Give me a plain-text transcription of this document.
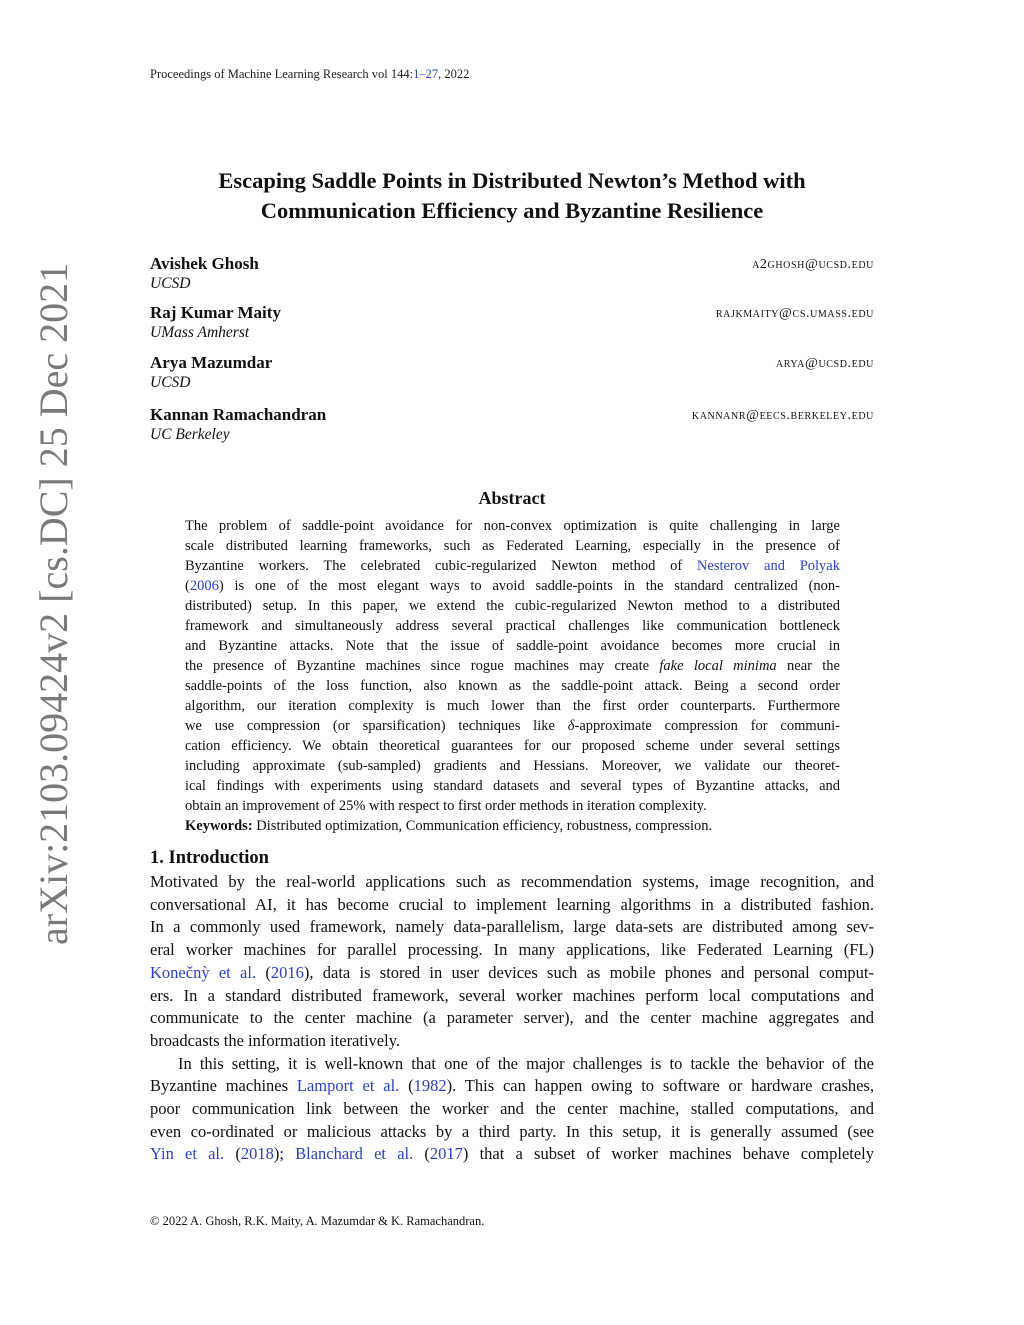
arXiv:2103.09424v2 [cs.DC] 25 Dec 2021
Proceedings of Machine Learning Research vol 144:1–27, 2022
Escaping Saddle Points in Distributed Newton’s Method with
Communication Efficiency and Byzantine Resilience
Avishek Ghosh
UCSD
a2ghosh@ucsd.edu
Raj Kumar Maity
UMass Amherst
rajkmaity@cs.umass.edu
Arya Mazumdar
UCSD
arya@ucsd.edu
Kannan Ramachandran
UC Berkeley
kannanr@eecs.berkeley.edu
Abstract
The problem of saddle-point avoidance for non-convex optimization is quite challenging in large
scale distributed learning frameworks, such as Federated Learning, especially in the presence of
Byzantine workers. The celebrated cubic-regularized Newton method of Nesterov and Polyak
(2006) is one of the most elegant ways to avoid saddle-points in the standard centralized (non-
distributed) setup. In this paper, we extend the cubic-regularized Newton method to a distributed
framework and simultaneously address several practical challenges like communication bottleneck
and Byzantine attacks. Note that the issue of saddle-point avoidance becomes more crucial in
the presence of Byzantine machines since rogue machines may create fake local minima near the
saddle-points of the loss function, also known as the saddle-point attack. Being a second order
algorithm, our iteration complexity is much lower than the first order counterparts. Furthermore
we use compression (or sparsification) techniques like δ-approximate compression for communi-
cation efficiency. We obtain theoretical guarantees for our proposed scheme under several settings
including approximate (sub-sampled) gradients and Hessians. Moreover, we validate our theoret-
ical findings with experiments using standard datasets and several types of Byzantine attacks, and
obtain an improvement of 25% with respect to first order methods in iteration complexity.
Keywords: Distributed optimization, Communication efficiency, robustness, compression.
1. Introduction
Motivated by the real-world applications such as recommendation systems, image recognition, and
conversational AI, it has become crucial to implement learning algorithms in a distributed fashion.
In a commonly used framework, namely data-parallelism, large data-sets are distributed among sev-
eral worker machines for parallel processing. In many applications, like Federated Learning (FL)
Konečnỳ et al. (2016), data is stored in user devices such as mobile phones and personal comput-
ers. In a standard distributed framework, several worker machines perform local computations and
communicate to the center machine (a parameter server), and the center machine aggregates and
broadcasts the information iteratively.
In this setting, it is well-known that one of the major challenges is to tackle the behavior of the
Byzantine machines Lamport et al. (1982). This can happen owing to software or hardware crashes,
poor communication link between the worker and the center machine, stalled computations, and
even co-ordinated or malicious attacks by a third party. In this setup, it is generally assumed (see
Yin et al. (2018); Blanchard et al. (2017) that a subset of worker machines behave completely
© 2022 A. Ghosh, R.K. Maity, A. Mazumdar & K. Ramachandran.
